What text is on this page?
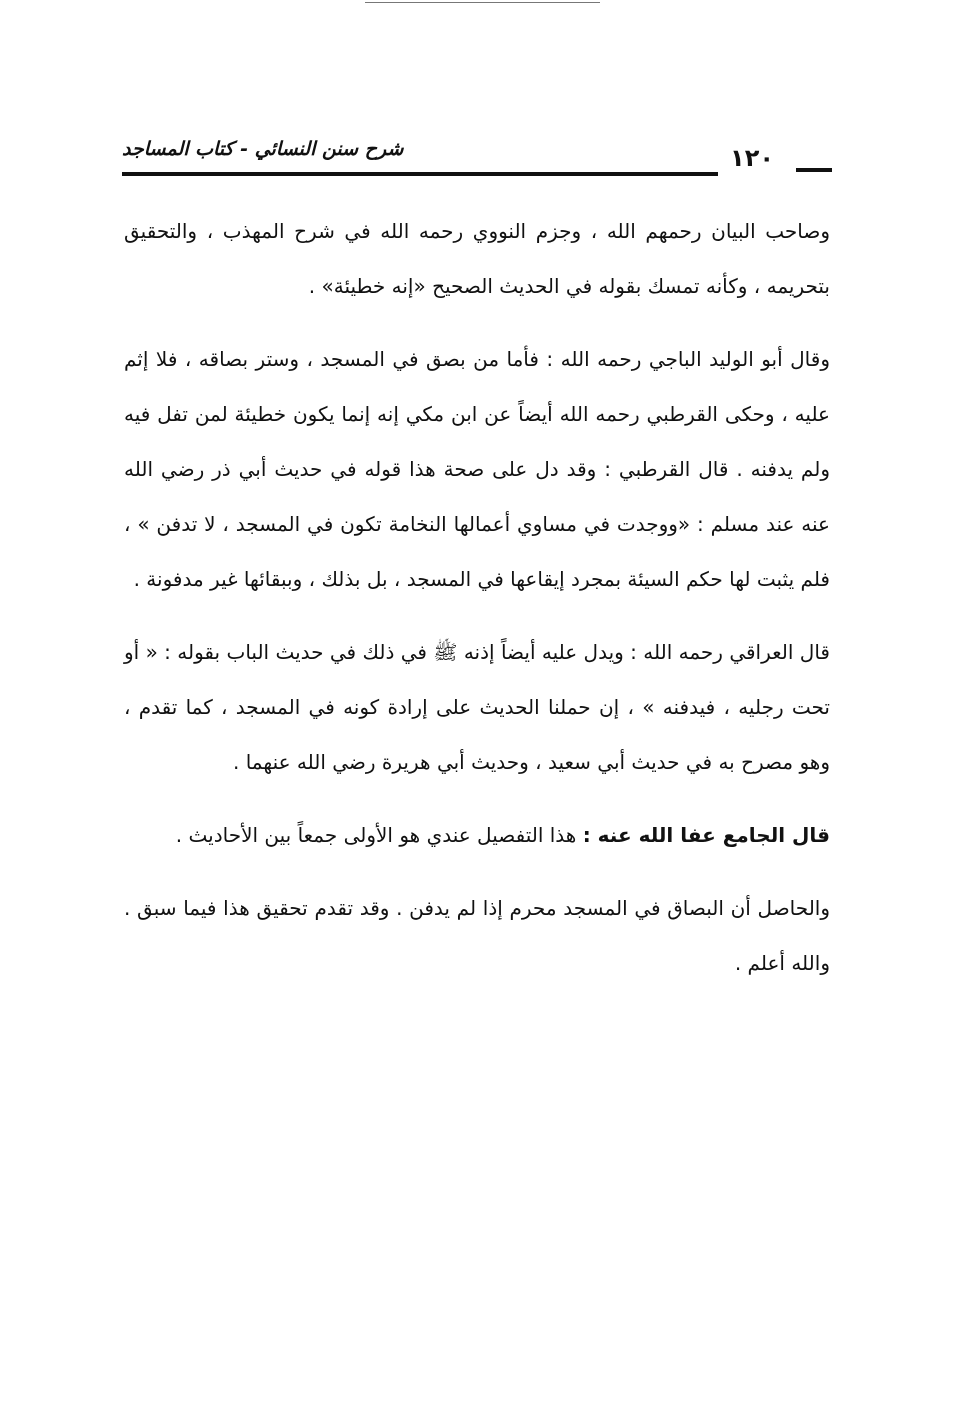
شرح سنن النسائي - كتاب المساجد	١٢٠

وصاحب البيان رحمهم الله ، وجزم النووي رحمه الله في شرح المهذب ، والتحقيق بتحريمه ، وكأنه تمسك بقوله في الحديث الصحيح «إنه خطيئة» .

وقال أبو الوليد الباجي رحمه الله : فأما من بصق في المسجد ، وستر بصاقه ، فلا إثم عليه ، وحكى القرطبي رحمه الله أيضاً عن ابن مكي إنه إنما يكون خطيئة لمن تفل فيه ولم يدفنه . قال القرطبي : وقد دل على صحة هذا قوله في حديث أبي ذر رضي الله عنه عند مسلم : «ووجدت في مساوي أعمالها النخامة تكون في المسجد ، لا تدفن » ، فلم يثبت لها حكم السيئة بمجرد إيقاعها في المسجد ، بل بذلك ، وببقائها غير مدفونة .

قال العراقي رحمه الله : ويدل عليه أيضاً إذنه ﷺ في ذلك في حديث الباب بقوله : « أو تحت رجليه ، فيدفنه » ، إن حملنا الحديث على إرادة كونه في المسجد ، كما تقدم ، وهو مصرح به في حديث أبي سعيد ، وحديث أبي هريرة رضي الله عنهما .

قال الجامع عفا الله عنه : هذا التفصيل عندي هو الأولى جمعاً بين الأحاديث .

والحاصل أن البصاق في المسجد محرم إذا لم يدفن . وقد تقدم تحقيق هذا فيما سبق . والله أعلم .
